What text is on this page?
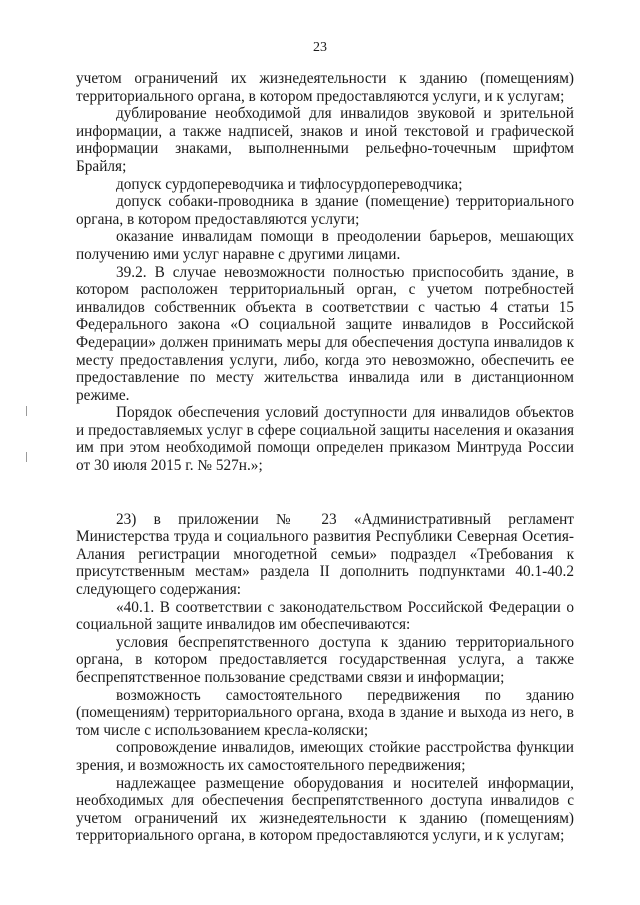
23

учетом ограничений их жизнедеятельности к зданию (помещениям) территориального органа, в котором предоставляются услуги, и к услугам;

дублирование необходимой для инвалидов звуковой и зрительной информации, а также надписей, знаков и иной текстовой и графической информации знаками, выполненными рельефно-точечным шрифтом Брайля;

допуск сурдопереводчика и тифлосурдопереводчика;

допуск собаки-проводника в здание (помещение) территориального органа, в котором предоставляются услуги;

оказание инвалидам помощи в преодолении барьеров, мешающих получению ими услуг наравне с другими лицами.

39.2. В случае невозможности полностью приспособить здание, в котором расположен территориальный орган, с учетом потребностей инвалидов собственник объекта в соответствии с частью 4 статьи 15 Федерального закона «О социальной защите инвалидов в Российской Федерации» должен принимать меры для обеспечения доступа инвалидов к месту предоставления услуги, либо, когда это невозможно, обеспечить ее предоставление по месту жительства инвалида или в дистанционном режиме.

Порядок обеспечения условий доступности для инвалидов объектов и предоставляемых услуг в сфере социальной защиты населения и оказания им при этом необходимой помощи определен приказом Минтруда России от 30 июля 2015 г. № 527н.»;

23) в приложении № 23 «Административный регламент Министерства труда и социального развития Республики Северная Осетия-Алания регистрации многодетной семьи» подраздел «Требования к присутственным местам» раздела II дополнить подпунктами 40.1-40.2 следующего содержания:

«40.1. В соответствии с законодательством Российской Федерации о социальной защите инвалидов им обеспечиваются:

условия беспрепятственного доступа к зданию территориального органа, в котором предоставляется государственная услуга, а также беспрепятственное пользование средствами связи и информации;

возможность самостоятельного передвижения по зданию (помещениям) территориального органа, входа в здание и выхода из него, в том числе с использованием кресла-коляски;

сопровождение инвалидов, имеющих стойкие расстройства функции зрения, и возможность их самостоятельного передвижения;

надлежащее размещение оборудования и носителей информации, необходимых для обеспечения беспрепятственного доступа инвалидов с учетом ограничений их жизнедеятельности к зданию (помещениям) территориального органа, в котором предоставляются услуги, и к услугам;
